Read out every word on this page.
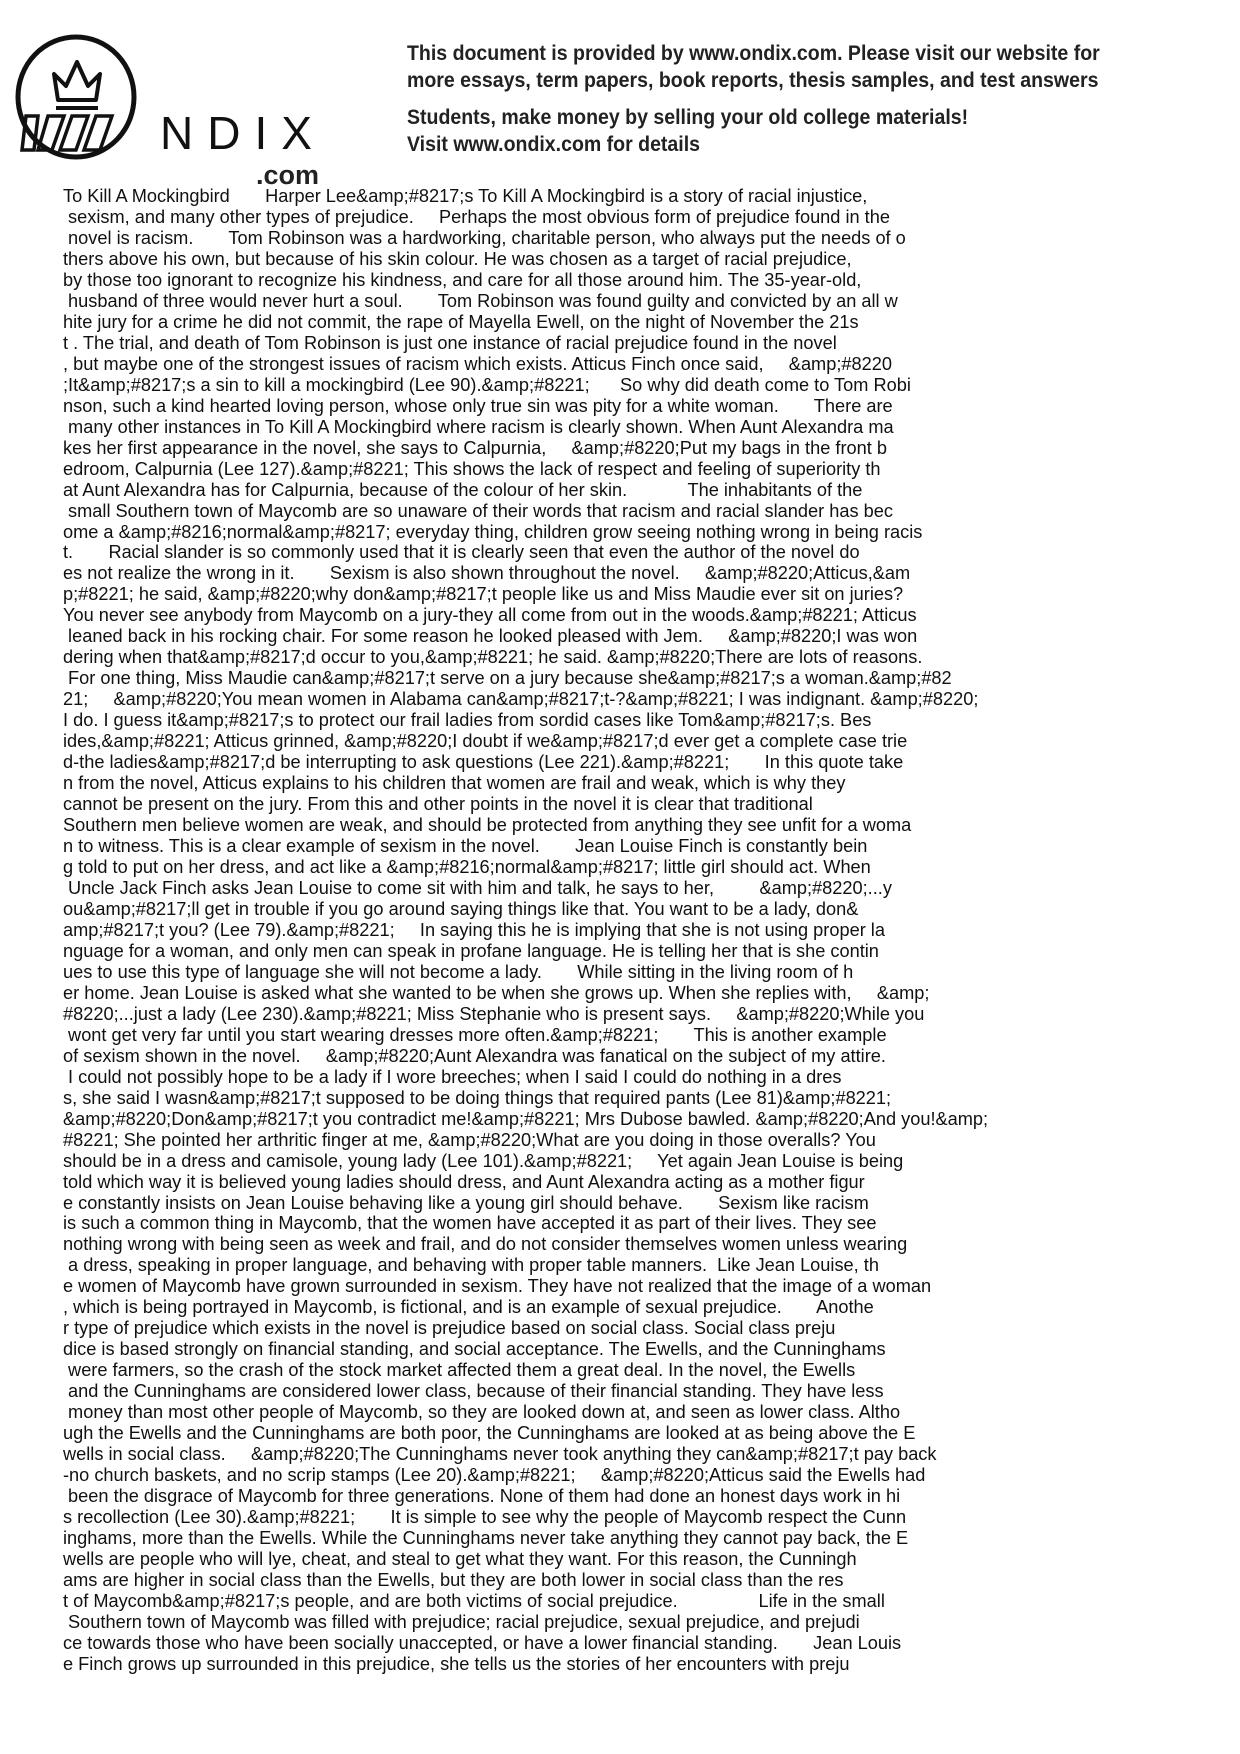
NDIX
.com
This document is provided by www.ondix.com. Please visit our website for
more essays, term papers, book reports, thesis samples, and test answers
Students, make money by selling your old college materials!
Visit www.ondix.com for details
To Kill A Mockingbird       Harper Lee&amp;#8217;s To Kill A Mockingbird is a story of racial injustice,
sexism, and many other types of prejudice.     Perhaps the most obvious form of prejudice found in the
novel is racism.       Tom Robinson was a hardworking, charitable person, who always put the needs of o
thers above his own, but because of his skin colour. He was chosen as a target of racial prejudice,
by those too ignorant to recognize his kindness, and care for all those around him. The 35-year-old,
husband of three would never hurt a soul.       Tom Robinson was found guilty and convicted by an all w
hite jury for a crime he did not commit, the rape of Mayella Ewell, on the night of November the 21s
t . The trial, and death of Tom Robinson is just one instance of racial prejudice found in the novel
, but maybe one of the strongest issues of racism which exists. Atticus Finch once said,     &amp;#8220
;It&amp;#8217;s a sin to kill a mockingbird (Lee 90).&amp;#8221;      So why did death come to Tom Robi
nson, such a kind hearted loving person, whose only true sin was pity for a white woman.       There are
many other instances in To Kill A Mockingbird where racism is clearly shown. When Aunt Alexandra ma
kes her first appearance in the novel, she says to Calpurnia,     &amp;#8220;Put my bags in the front b
edroom, Calpurnia (Lee 127).&amp;#8221; This shows the lack of respect and feeling of superiority th
at Aunt Alexandra has for Calpurnia, because of the colour of her skin.            The inhabitants of the
small Southern town of Maycomb are so unaware of their words that racism and racial slander has bec
ome a &amp;#8216;normal&amp;#8217; everyday thing, children grow seeing nothing wrong in being racis
t.       Racial slander is so commonly used that it is clearly seen that even the author of the novel do
es not realize the wrong in it.       Sexism is also shown throughout the novel.     &amp;#8220;Atticus,&am
p;#8221; he said, &amp;#8220;why don&amp;#8217;t people like us and Miss Maudie ever sit on juries?
You never see anybody from Maycomb on a jury-they all come from out in the woods.&amp;#8221; Atticus
leaned back in his rocking chair. For some reason he looked pleased with Jem.     &amp;#8220;I was won
dering when that&amp;#8217;d occur to you,&amp;#8221; he said. &amp;#8220;There are lots of reasons.
For one thing, Miss Maudie can&amp;#8217;t serve on a jury because she&amp;#8217;s a woman.&amp;#82
21;     &amp;#8220;You mean women in Alabama can&amp;#8217;t-?&amp;#8221; I was indignant. &amp;#8220;
I do. I guess it&amp;#8217;s to protect our frail ladies from sordid cases like Tom&amp;#8217;s. Bes
ides,&amp;#8221; Atticus grinned, &amp;#8220;I doubt if we&amp;#8217;d ever get a complete case trie
d-the ladies&amp;#8217;d be interrupting to ask questions (Lee 221).&amp;#8221;       In this quote take
n from the novel, Atticus explains to his children that women are frail and weak, which is why they
cannot be present on the jury. From this and other points in the novel it is clear that traditional
Southern men believe women are weak, and should be protected from anything they see unfit for a woma
n to witness. This is a clear example of sexism in the novel.       Jean Louise Finch is constantly bein
g told to put on her dress, and act like a &amp;#8216;normal&amp;#8217; little girl should act. When
Uncle Jack Finch asks Jean Louise to come sit with him and talk, he says to her,         &amp;#8220;...y
ou&amp;#8217;ll get in trouble if you go around saying things like that. You want to be a lady, don&
amp;#8217;t you? (Lee 79).&amp;#8221;     In saying this he is implying that she is not using proper la
nguage for a woman, and only men can speak in profane language. He is telling her that is she contin
ues to use this type of language she will not become a lady.       While sitting in the living room of h
er home. Jean Louise is asked what she wanted to be when she grows up. When she replies with,     &amp;
#8220;...just a lady (Lee 230).&amp;#8221; Miss Stephanie who is present says.     &amp;#8220;While you
wont get very far until you start wearing dresses more often.&amp;#8221;       This is another example
of sexism shown in the novel.     &amp;#8220;Aunt Alexandra was fanatical on the subject of my attire.
I could not possibly hope to be a lady if I wore breeches; when I said I could do nothing in a dres
s, she said I wasn&amp;#8217;t supposed to be doing things that required pants (Lee 81)&amp;#8221;
&amp;#8220;Don&amp;#8217;t you contradict me!&amp;#8221; Mrs Dubose bawled. &amp;#8220;And you!&amp;
#8221; She pointed her arthritic finger at me, &amp;#8220;What are you doing in those overalls? You
should be in a dress and camisole, young lady (Lee 101).&amp;#8221;     Yet again Jean Louise is being
told which way it is believed young ladies should dress, and Aunt Alexandra acting as a mother figur
e constantly insists on Jean Louise behaving like a young girl should behave.       Sexism like racism
is such a common thing in Maycomb, that the women have accepted it as part of their lives. They see
nothing wrong with being seen as week and frail, and do not consider themselves women unless wearing
a dress, speaking in proper language, and behaving with proper table manners.  Like Jean Louise, th
e women of Maycomb have grown surrounded in sexism. They have not realized that the image of a woman
, which is being portrayed in Maycomb, is fictional, and is an example of sexual prejudice.       Anothe
r type of prejudice which exists in the novel is prejudice based on social class. Social class preju
dice is based strongly on financial standing, and social acceptance. The Ewells, and the Cunninghams
were farmers, so the crash of the stock market affected them a great deal. In the novel, the Ewells
and the Cunninghams are considered lower class, because of their financial standing. They have less
money than most other people of Maycomb, so they are looked down at, and seen as lower class. Altho
ugh the Ewells and the Cunninghams are both poor, the Cunninghams are looked at as being above the E
wells in social class.     &amp;#8220;The Cunninghams never took anything they can&amp;#8217;t pay back
-no church baskets, and no scrip stamps (Lee 20).&amp;#8221;     &amp;#8220;Atticus said the Ewells had
been the disgrace of Maycomb for three generations. None of them had done an honest days work in hi
s recollection (Lee 30).&amp;#8221;       It is simple to see why the people of Maycomb respect the Cunn
inghams, more than the Ewells. While the Cunninghams never take anything they cannot pay back, the E
wells are people who will lye, cheat, and steal to get what they want. For this reason, the Cunningh
ams are higher in social class than the Ewells, but they are both lower in social class than the res
t of Maycomb&amp;#8217;s people, and are both victims of social prejudice.                Life in the small
Southern town of Maycomb was filled with prejudice; racial prejudice, sexual prejudice, and prejudi
ce towards those who have been socially unaccepted, or have a lower financial standing.       Jean Louis
e Finch grows up surrounded in this prejudice, she tells us the stories of her encounters with preju
